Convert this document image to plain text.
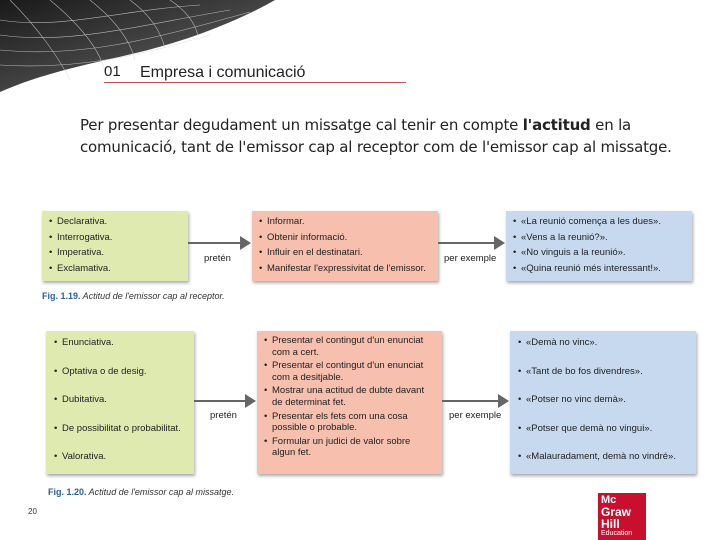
01 Empresa i comunicació

Per presentar degudament un missatge cal tenir en compte l'actitud en la comunicació, tant de l'emissor cap al receptor com de l'emissor cap al missatge.

• Declarativa.
• Interrogativa.
• Imperativa.
• Exclamativa.
pretén
• Informar.
• Obtenir informació.
• Influir en el destinatari.
• Manifestar l'expressivitat de l'emissor.
per exemple
• «La reunió comença a les dues».
• «Vens a la reunió?».
• «No vinguis a la reunió».
• «Quina reunió més interessant!».
Fig. 1.19. Actitud de l'emissor cap al receptor.
• Enunciativa.
• Optativa o de desig.
• Dubitativa.
• De possibilitat o probabilitat.
• Valorativa.
pretén
• Presentar el contingut d'un enunciat com a cert.
• Presentar el contingut d'un enunciat com a desitjable.
• Mostrar una actitud de dubte davant de determinat fet.
• Presentar els fets com una cosa possible o probable.
• Formular un judici de valor sobre algun fet.
per exemple
• «Demà no vinc».
• «Tant de bo fos divendres».
• «Potser no vinc demà».
• «Potser que demà no vingui».
• «Malauradament, demà no vindré».
Fig. 1.20. Actitud de l'emissor cap al missatge.
20
Mc
Graw
Hill
Education
